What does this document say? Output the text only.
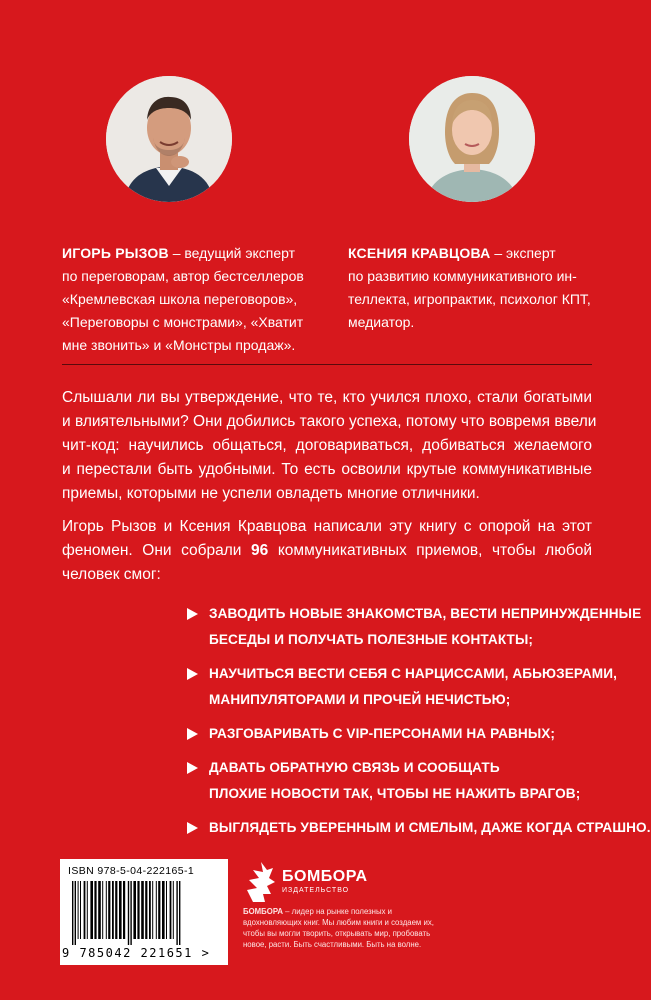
ИГОРЬ РЫЗОВ – ведущий эксперт
по переговорам, автор бестселлеров
«Кремлевская школа переговоров»,
«Переговоры с монстрами», «Хватит
мне звонить» и «Монстры продаж».
КСЕНИЯ КРАВЦОВА – эксперт
по развитию коммуникативного ин-
теллекта, игропрактик, психолог КПТ,
медиатор.
Слышали ли вы утверждение, что те, кто учился плохо, стали богатыми
и влиятельными? Они добились такого успеха, потому что вовремя ввели
чит-код: научились общаться, договариваться, добиваться желаемого
и перестали быть удобными. То есть освоили крутые коммуникативные
приемы, которыми не успели овладеть многие отличники.
Игорь Рызов и Ксения Кравцова написали эту книгу с опорой на этот
феномен. Они собрали 96 коммуникативных приемов, чтобы любой
человек смог:
ЗАВОДИТЬ НОВЫЕ ЗНАКОМСТВА, ВЕСТИ НЕПРИНУЖДЕННЫЕ
БЕСЕДЫ И ПОЛУЧАТЬ ПОЛЕЗНЫЕ КОНТАКТЫ;
НАУЧИТЬСЯ ВЕСТИ СЕБЯ С НАРЦИССАМИ, АБЬЮЗЕРАМИ,
МАНИПУЛЯТОРАМИ И ПРОЧЕЙ НЕЧИСТЬЮ;
РАЗГОВАРИВАТЬ С VIP-ПЕРСОНАМИ НА РАВНЫХ;
ДАВАТЬ ОБРАТНУЮ СВЯЗЬ И СООБЩАТЬ
ПЛОХИЕ НОВОСТИ ТАК, ЧТОБЫ НЕ НАЖИТЬ ВРАГОВ;
ВЫГЛЯДЕТЬ УВЕРЕННЫМ И СМЕЛЫМ, ДАЖЕ КОГДА СТРАШНО.
ISBN 978-5-04-222165-1
9 785042 221651 >
БОМБОРА
ИЗДАТЕЛЬСТВО
БОМБОРА – лидер на рынке полезных и вдохновляющих книг. Мы любим книги и создаем их, чтобы вы могли творить, открывать мир, пробовать новое, расти. Быть счастливыми. Быть на волне.
